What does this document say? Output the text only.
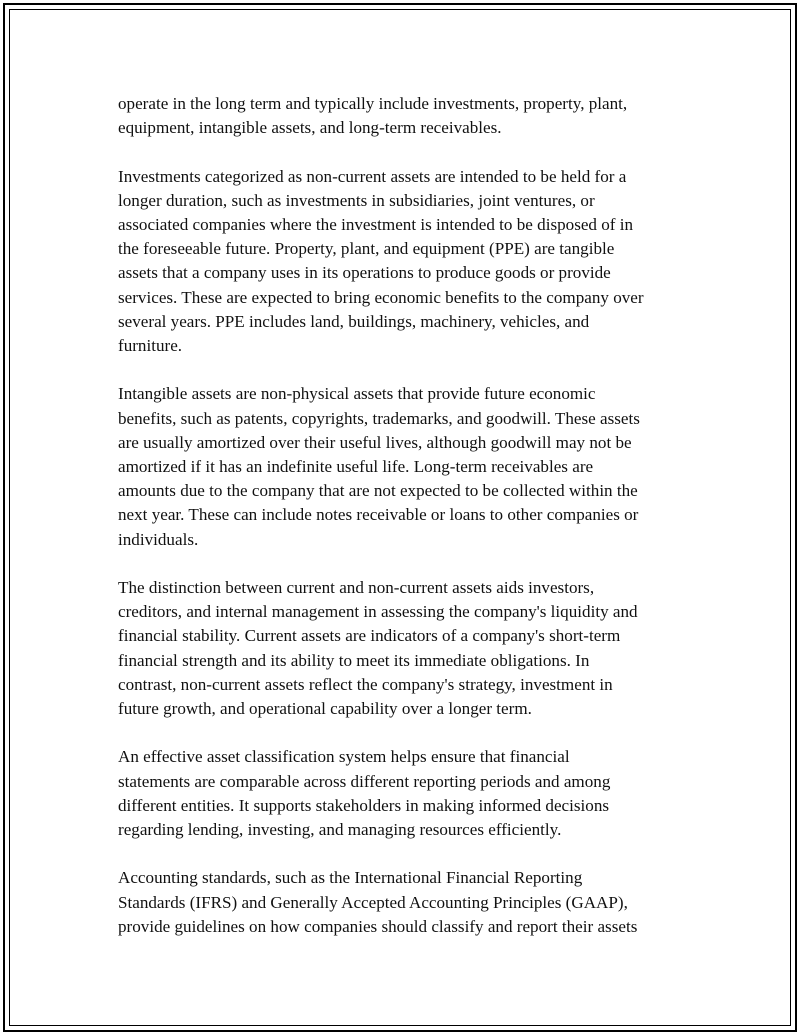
operate in the long term and typically include investments, property, plant,
equipment, intangible assets, and long-term receivables.

Investments categorized as non-current assets are intended to be held for a
longer duration, such as investments in subsidiaries, joint ventures, or
associated companies where the investment is intended to be disposed of in
the foreseeable future. Property, plant, and equipment (PPE) are tangible
assets that a company uses in its operations to produce goods or provide
services. These are expected to bring economic benefits to the company over
several years. PPE includes land, buildings, machinery, vehicles, and
furniture.

Intangible assets are non-physical assets that provide future economic
benefits, such as patents, copyrights, trademarks, and goodwill. These assets
are usually amortized over their useful lives, although goodwill may not be
amortized if it has an indefinite useful life. Long-term receivables are
amounts due to the company that are not expected to be collected within the
next year. These can include notes receivable or loans to other companies or
individuals.

The distinction between current and non-current assets aids investors,
creditors, and internal management in assessing the company's liquidity and
financial stability. Current assets are indicators of a company's short-term
financial strength and its ability to meet its immediate obligations. In
contrast, non-current assets reflect the company's strategy, investment in
future growth, and operational capability over a longer term.

An effective asset classification system helps ensure that financial
statements are comparable across different reporting periods and among
different entities. It supports stakeholders in making informed decisions
regarding lending, investing, and managing resources efficiently.

Accounting standards, such as the International Financial Reporting
Standards (IFRS) and Generally Accepted Accounting Principles (GAAP),
provide guidelines on how companies should classify and report their assets
